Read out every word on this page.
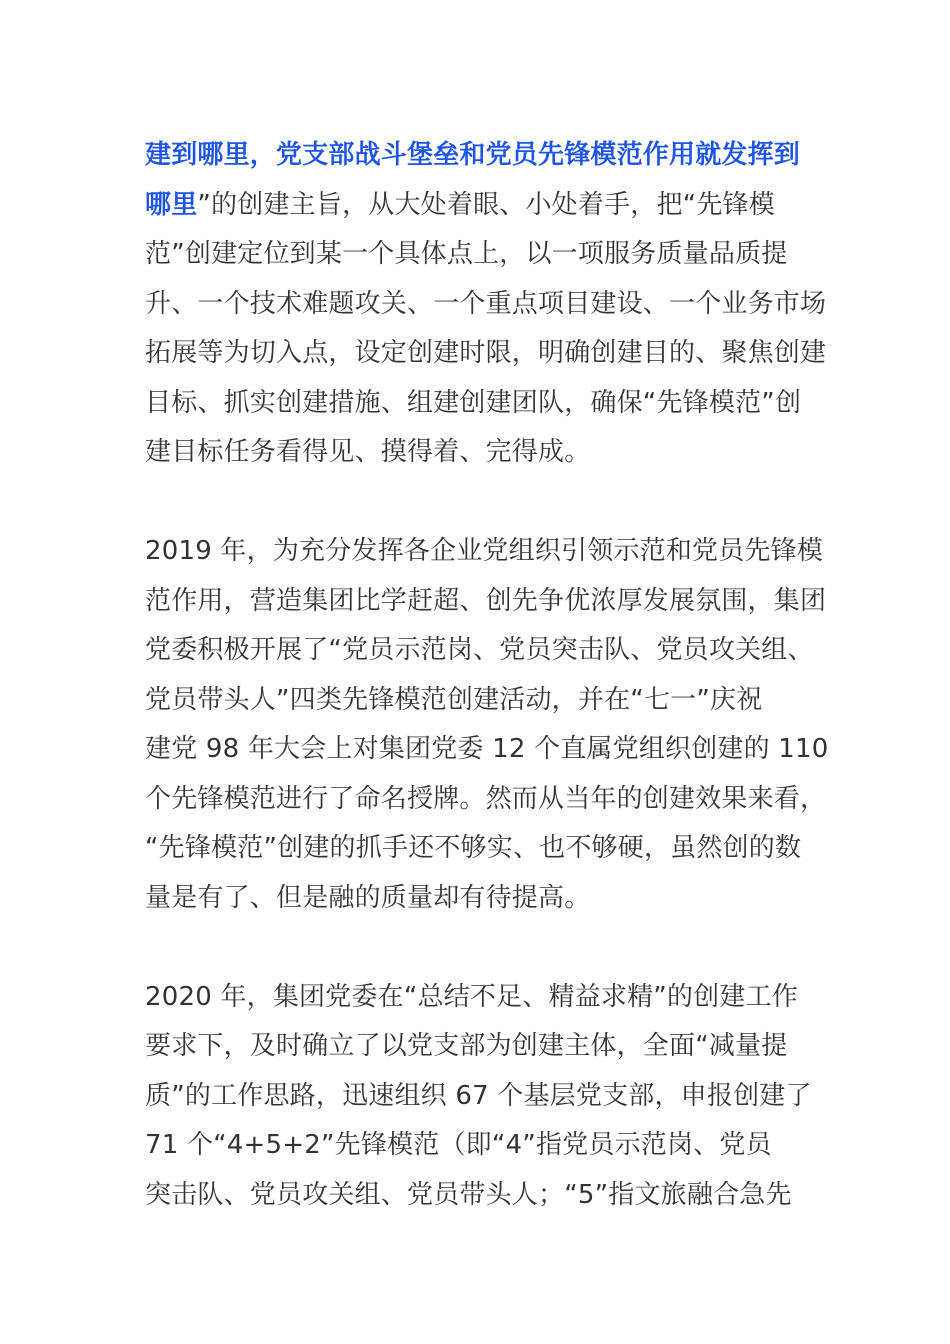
建到哪里，党支部战斗堡垒和党员先锋模范作用就发挥到
哪里”的创建主旨，从大处着眼、小处着手，把“先锋模
范”创建定位到某一个具体点上，以一项服务质量品质提
升、一个技术难题攻关、一个重点项目建设、一个业务市场
拓展等为切入点，设定创建时限，明确创建目的、聚焦创建
目标、抓实创建措施、组建创建团队，确保“先锋模范”创
建目标任务看得见、摸得着、完得成。
2019 年，为充分发挥各企业党组织引领示范和党员先锋模
范作用，营造集团比学赶超、创先争优浓厚发展氛围，集团
党委积极开展了“党员示范岗、党员突击队、党员攻关组、
党员带头人”四类先锋模范创建活动，并在“七一”庆祝
建党 98 年大会上对集团党委 12 个直属党组织创建的 110
个先锋模范进行了命名授牌。然而从当年的创建效果来看，
“先锋模范”创建的抓手还不够实、也不够硬，虽然创的数
量是有了、但是融的质量却有待提高。
2020 年，集团党委在“总结不足、精益求精”的创建工作
要求下，及时确立了以党支部为创建主体，全面“减量提
质”的工作思路，迅速组织 67 个基层党支部，申报创建了
71 个“4+5+2”先锋模范（即“4”指党员示范岗、党员
突击队、党员攻关组、党员带头人；“5”指文旅融合急先
